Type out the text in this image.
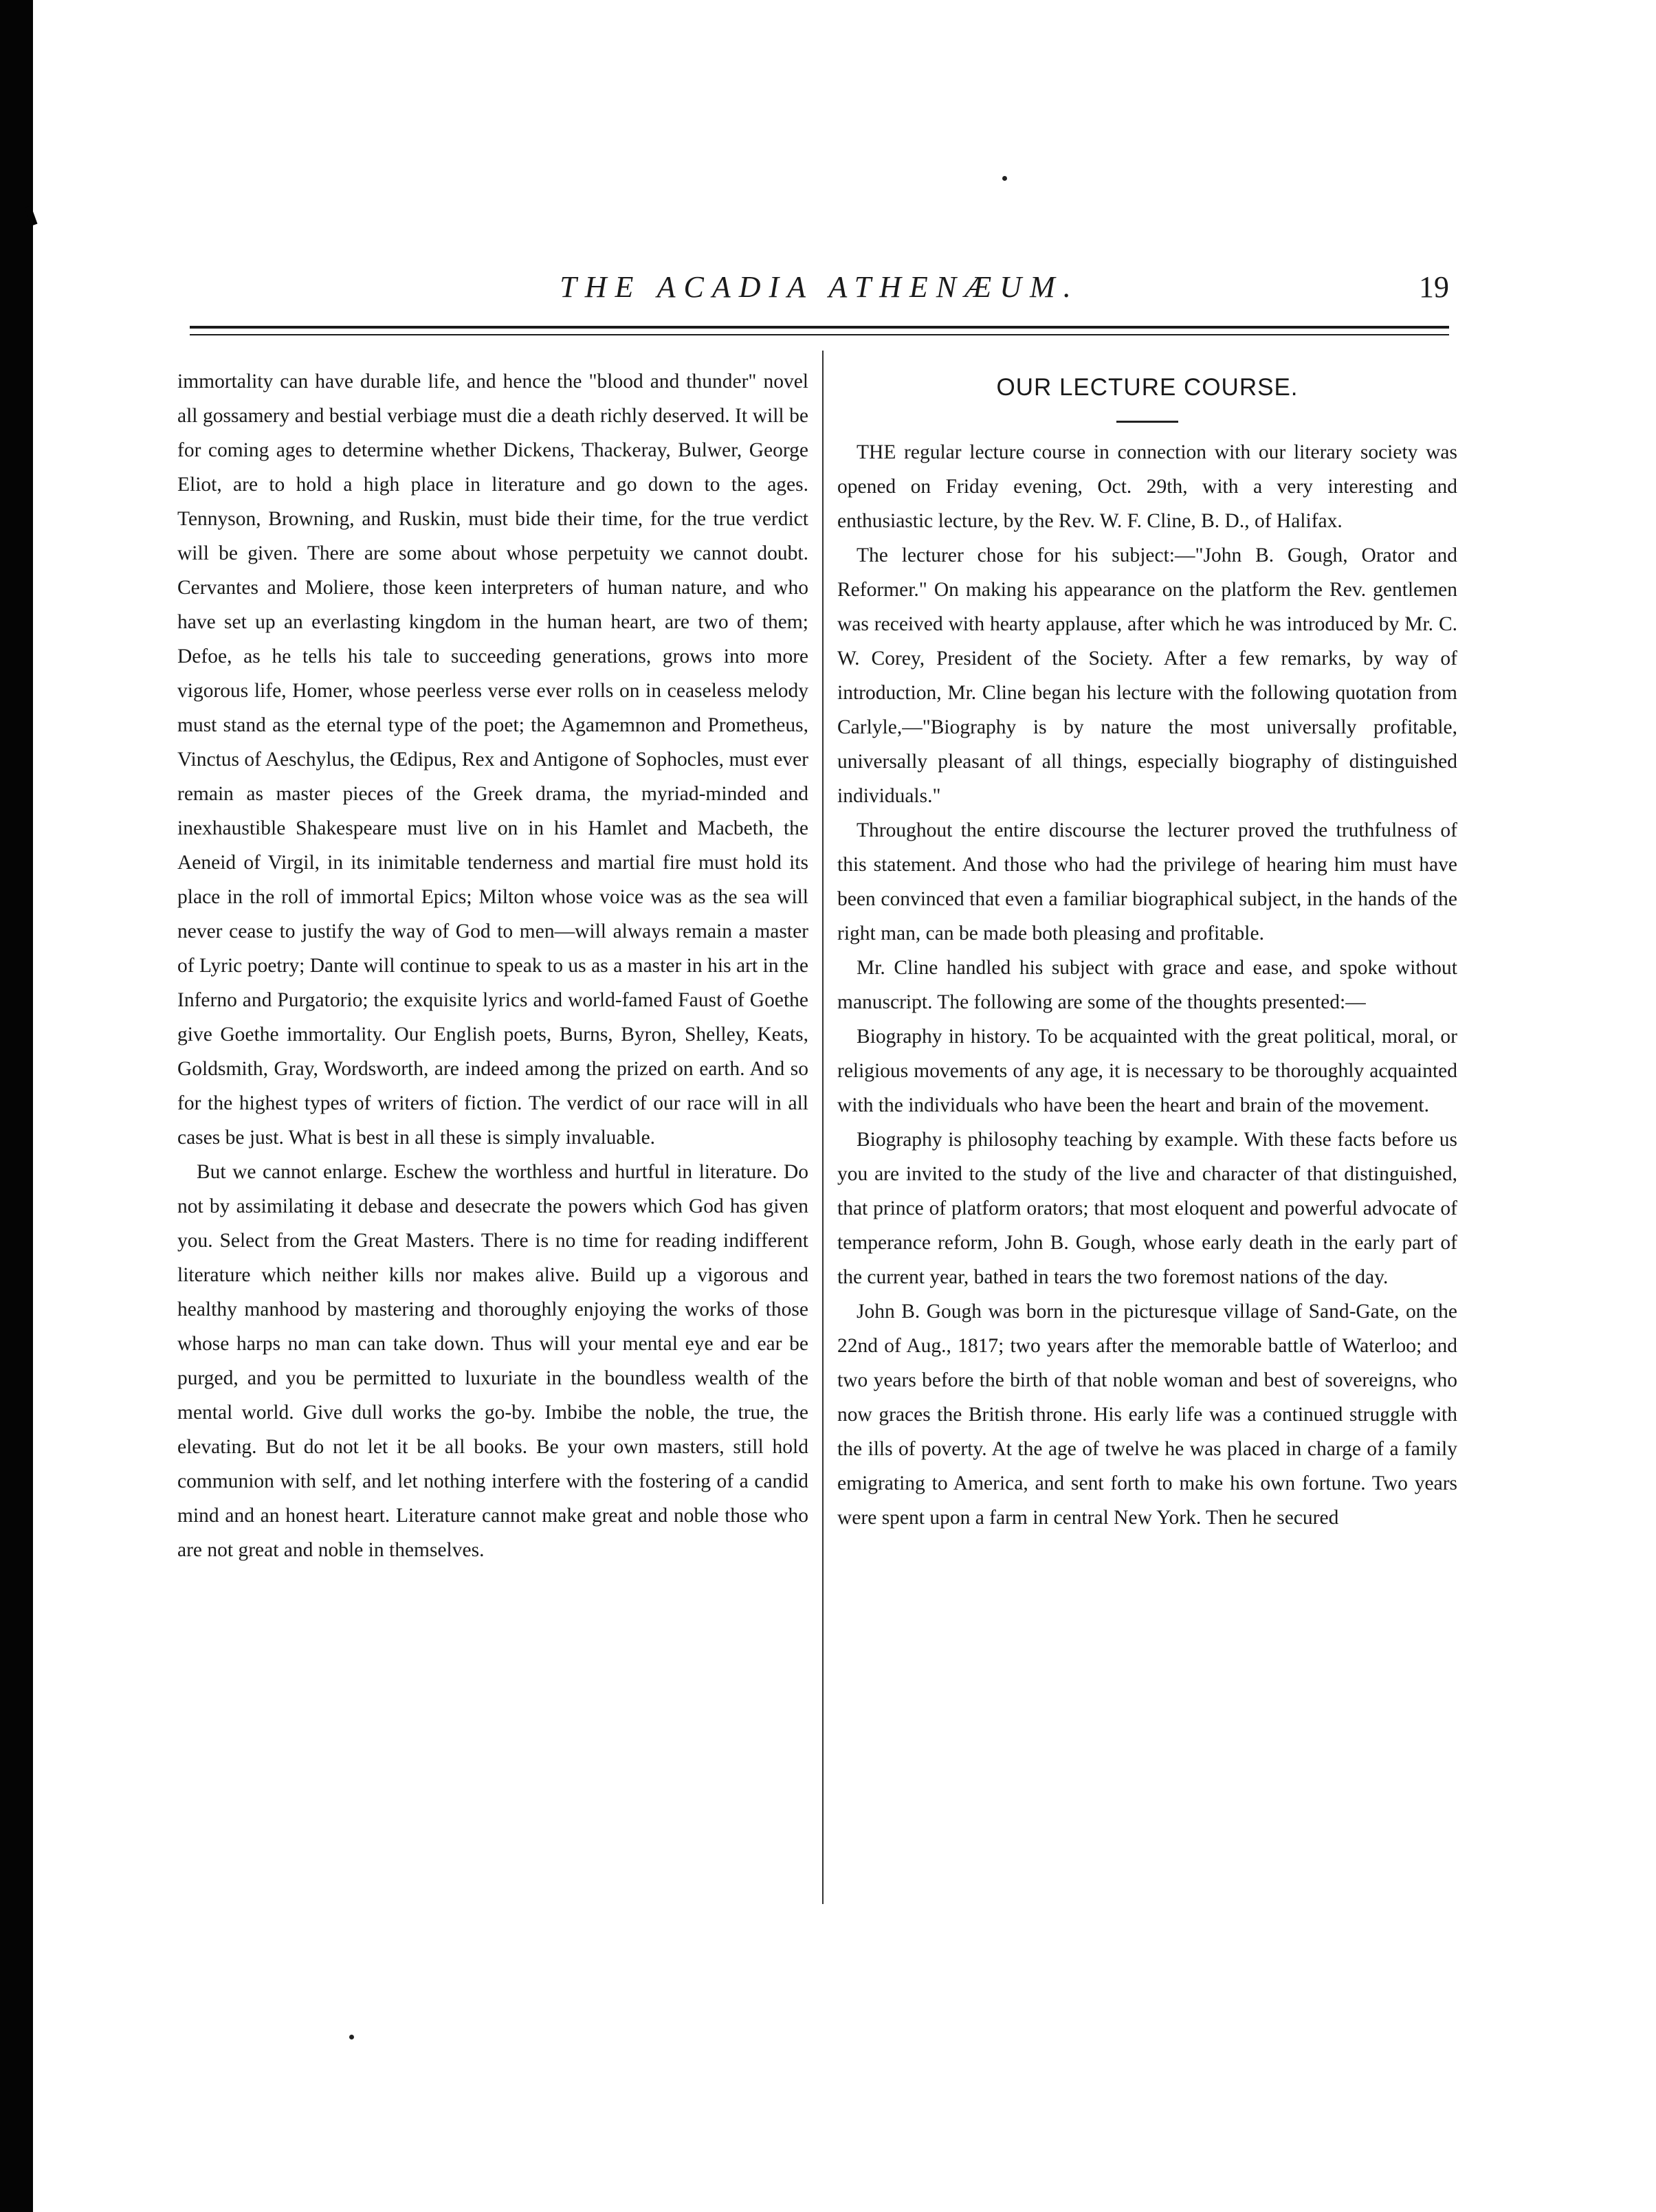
THE ACADIA ATHENÆUM.	19

immortality can have durable life, and hence the "blood and thunder" novel all gossamery and bestial verbiage must die a death richly deserved. It will be for coming ages to determine whether Dickens, Thackeray, Bulwer, George Eliot, are to hold a high place in literature and go down to the ages. Tennyson, Browning, and Ruskin, must bide their time, for the true verdict will be given. There are some about whose perpetuity we cannot doubt. Cervantes and Moliere, those keen interpreters of human nature, and who have set up an everlasting kingdom in the human heart, are two of them; Defoe, as he tells his tale to succeeding generations, grows into more vigorous life, Homer, whose peerless verse ever rolls on in ceaseless melody must stand as the eternal type of the poet; the Agamemnon and Prometheus, Vinctus of Aeschylus, the Œdipus, Rex and Antigone of Sophocles, must ever remain as master pieces of the Greek drama, the myriad-minded and inexhaustible Shakespeare must live on in his Hamlet and Macbeth, the Aeneid of Virgil, in its inimitable tenderness and martial fire must hold its place in the roll of immortal Epics; Milton whose voice was as the sea will never cease to justify the way of God to men—will always remain a master of Lyric poetry; Dante will continue to speak to us as a master in his art in the Inferno and Purgatorio; the exquisite lyrics and world-famed Faust of Goethe give Goethe immortality. Our English poets, Burns, Byron, Shelley, Keats, Goldsmith, Gray, Wordsworth, are indeed among the prized on earth. And so for the highest types of writers of fiction. The verdict of our race will in all cases be just. What is best in all these is simply invaluable.

But we cannot enlarge. Eschew the worthless and hurtful in literature. Do not by assimilating it debase and desecrate the powers which God has given you. Select from the Great Masters. There is no time for reading indifferent literature which neither kills nor makes alive. Build up a vigorous and healthy manhood by mastering and thoroughly enjoying the works of those whose harps no man can take down. Thus will your mental eye and ear be purged, and you be permitted to luxuriate in the boundless wealth of the mental world. Give dull works the go-by. Imbibe the noble, the true, the elevating. But do not let it be all books. Be your own masters, still hold communion with self, and let nothing interfere with the fostering of a candid mind and an honest heart. Literature cannot make great and noble those who are not great and noble in themselves.

OUR LECTURE COURSE.

THE regular lecture course in connection with our literary society was opened on Friday evening, Oct. 29th, with a very interesting and enthusiastic lecture, by the Rev. W. F. Cline, B. D., of Halifax.

The lecturer chose for his subject:—"John B. Gough, Orator and Reformer." On making his appearance on the platform the Rev. gentlemen was received with hearty applause, after which he was introduced by Mr. C. W. Corey, President of the Society. After a few remarks, by way of introduction, Mr. Cline began his lecture with the following quotation from Carlyle,—"Biography is by nature the most universally profitable, universally pleasant of all things, especially biography of distinguished individuals."

Throughout the entire discourse the lecturer proved the truthfulness of this statement. And those who had the privilege of hearing him must have been convinced that even a familiar biographical subject, in the hands of the right man, can be made both pleasing and profitable.

Mr. Cline handled his subject with grace and ease, and spoke without manuscript. The following are some of the thoughts presented:—

Biography in history. To be acquainted with the great political, moral, or religious movements of any age, it is necessary to be thoroughly acquainted with the individuals who have been the heart and brain of the movement.

Biography is philosophy teaching by example. With these facts before us you are invited to the study of the live and character of that distinguished, that prince of platform orators; that most eloquent and powerful advocate of temperance reform, John B. Gough, whose early death in the early part of the current year, bathed in tears the two foremost nations of the day.

John B. Gough was born in the picturesque village of Sand-Gate, on the 22nd of Aug., 1817; two years after the memorable battle of Waterloo; and two years before the birth of that noble woman and best of sovereigns, who now graces the British throne. His early life was a continued struggle with the ills of poverty. At the age of twelve he was placed in charge of a family emigrating to America, and sent forth to make his own fortune. Two years were spent upon a farm in central New York. Then he secured
